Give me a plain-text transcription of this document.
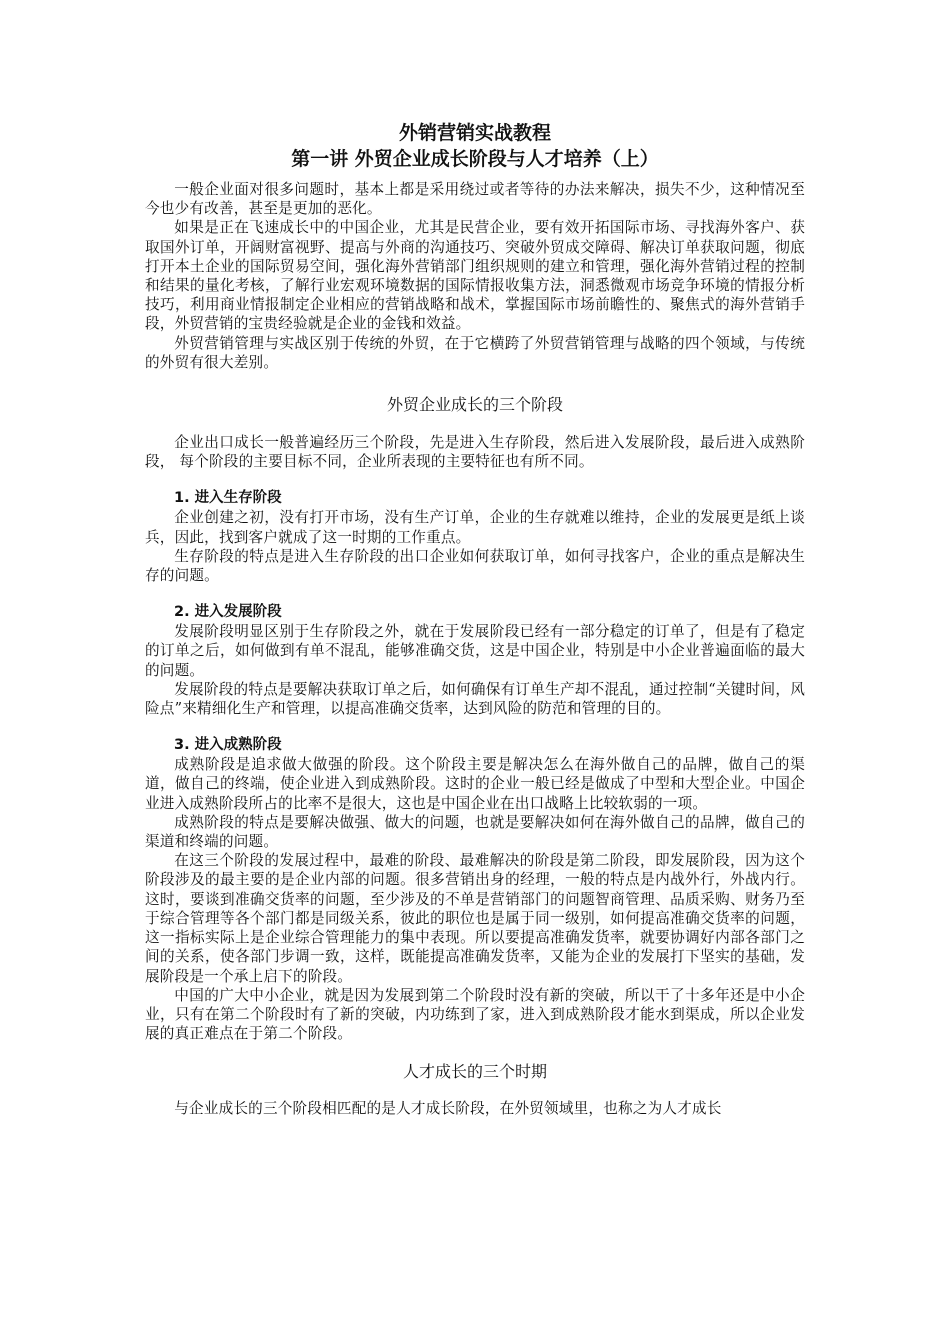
外销营销实战教程

第一讲 外贸企业成长阶段与人才培养（上）

一般企业面对很多问题时，基本上都是采用绕过或者等待的办法来解决，损失不少，这种情况至今也少有改善，甚至是更加的恶化。

如果是正在飞速成长中的中国企业，尤其是民营企业，要有效开拓国际市场、寻找海外客户、获取国外订单，开阔财富视野、提高与外商的沟通技巧、突破外贸成交障碍、解决订单获取问题，彻底打开本土企业的国际贸易空间，强化海外营销部门组织规则的建立和管理，强化海外营销过程的控制和结果的量化考核，了解行业宏观环境数据的国际情报收集方法，洞悉微观市场竞争环境的情报分析技巧，利用商业情报制定企业相应的营销战略和战术，掌握国际市场前瞻性的、聚焦式的海外营销手段，外贸营销的宝贵经验就是企业的金钱和效益。

外贸营销管理与实战区别于传统的外贸，在于它横跨了外贸营销管理与战略的四个领域，与传统的外贸有很大差别。

外贸企业成长的三个阶段

企业出口成长一般普遍经历三个阶段，先是进入生存阶段，然后进入发展阶段，最后进入成熟阶段， 每个阶段的主要目标不同，企业所表现的主要特征也有所不同。

1. 进入生存阶段

企业创建之初，没有打开市场，没有生产订单，企业的生存就难以维持，企业的发展更是纸上谈兵，因此，找到客户就成了这一时期的工作重点。

生存阶段的特点是进入生存阶段的出口企业如何获取订单，如何寻找客户，企业的重点是解决生存的问题。

2. 进入发展阶段

发展阶段明显区别于生存阶段之外，就在于发展阶段已经有一部分稳定的订单了，但是有了稳定的订单之后，如何做到有单不混乱，能够准确交货，这是中国企业，特别是中小企业普遍面临的最大的问题。

发展阶段的特点是要解决获取订单之后，如何确保有订单生产却不混乱，通过控制“关键时间，风险点”来精细化生产和管理，以提高准确交货率，达到风险的防范和管理的目的。

3. 进入成熟阶段

成熟阶段是追求做大做强的阶段。这个阶段主要是解决怎么在海外做自己的品牌，做自己的渠道，做自己的终端，使企业进入到成熟阶段。这时的企业一般已经是做成了中型和大型企业。中国企业进入成熟阶段所占的比率不是很大，这也是中国企业在出口战略上比较软弱的一项。

成熟阶段的特点是要解决做强、做大的问题，也就是要解决如何在海外做自己的品牌，做自己的渠道和终端的问题。

在这三个阶段的发展过程中，最难的阶段、最难解决的阶段是第二阶段，即发展阶段，因为这个阶段涉及的最主要的是企业内部的问题。很多营销出身的经理，一般的特点是内战外行，外战内行。这时，要谈到准确交货率的问题，至少涉及的不单是营销部门的问题智商管理、品质采购、财务乃至于综合管理等各个部门都是同级关系，彼此的职位也是属于同一级别，如何提高准确交货率的问题，这一指标实际上是企业综合管理能力的集中表现。所以要提高准确发货率，就要协调好内部各部门之间的关系，使各部门步调一致，这样，既能提高准确发货率，又能为企业的发展打下坚实的基础，发展阶段是一个承上启下的阶段。

中国的广大中小企业，就是因为发展到第二个阶段时没有新的突破，所以干了十多年还是中小企业，只有在第二个阶段时有了新的突破，内功练到了家，进入到成熟阶段才能水到渠成，所以企业发展的真正难点在于第二个阶段。

人才成长的三个时期

与企业成长的三个阶段相匹配的是人才成长阶段，在外贸领域里，也称之为人才成长
